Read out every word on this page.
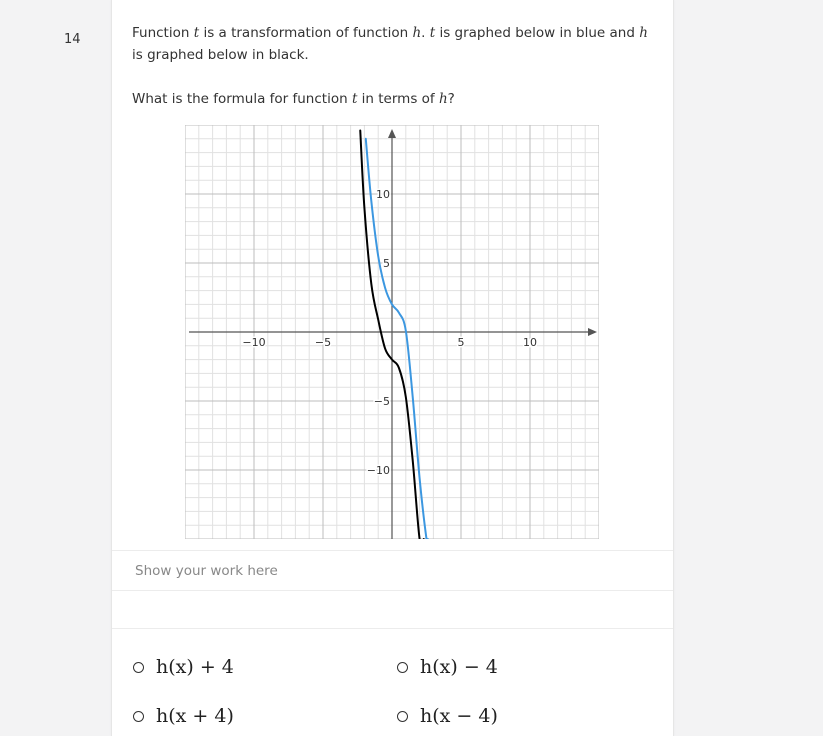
14	Function t is a transformation of function h. t is graphed below in blue and h is graphed below in black.
What is the formula for function t in terms of h?
−10	−5	5	10
10
5
−5
−10
Show your work here
h(x) + 4	h(x) − 4
h(x + 4)	h(x − 4)
